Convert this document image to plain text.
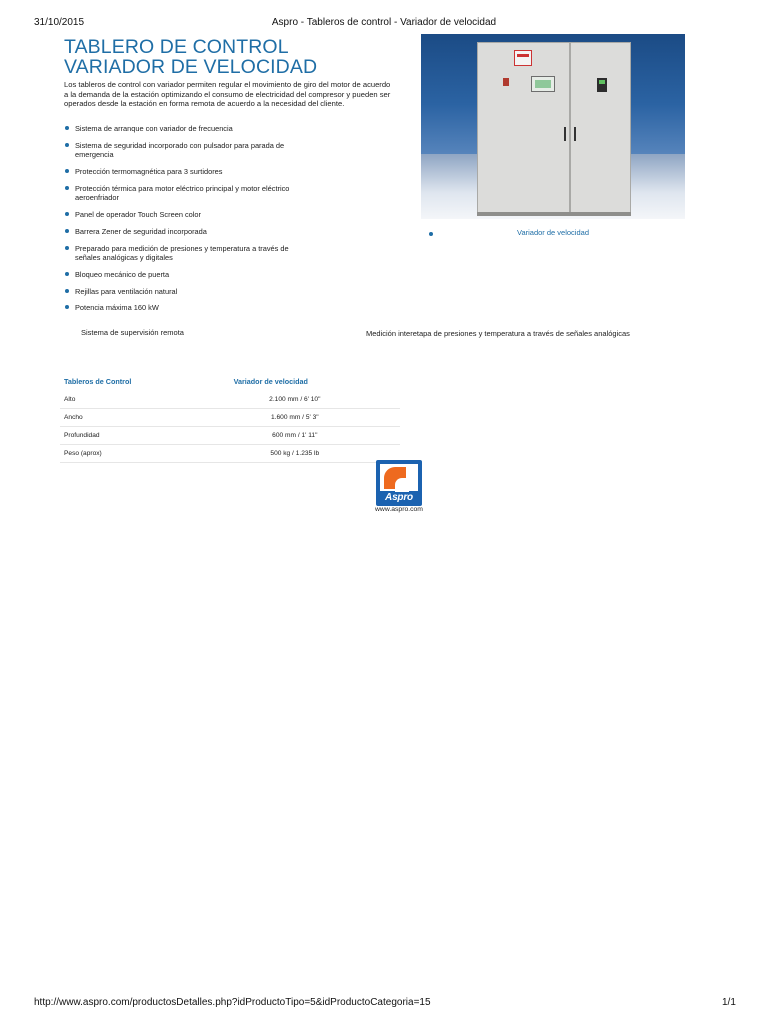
Aspro - Tableros de control - Variador de velocidad
31/10/2015
TABLERO DE CONTROL
VARIADOR DE VELOCIDAD
Los tableros de control con variador permiten regular el movimiento de giro del motor de acuerdo a la demanda de la estación optimizando el consumo de electricidad del compresor y pueden ser operados desde la estación en forma remota de acuerdo a la necesidad del cliente.
Sistema de arranque con variador de frecuencia
Sistema de seguridad incorporado con pulsador para parada de emergencia
Protección termomagnética para 3 surtidores
Protección térmica para motor eléctrico principal y motor eléctrico aeroenfriador
Panel de operador Touch Screen color
Barrera Zener de seguridad incorporada
Preparado para medición de presiones y temperatura a través de señales analógicas y digitales
Bloqueo mecánico de puerta
Rejillas para ventilación natural
Potencia máxima 160 kW
Variador de velocidad
Sistema de supervisión remota	Medición interetapa de presiones y temperatura a través de señales analógicas
Tableros de Control	Variador de velocidad
Alto	2.100 mm / 6' 10"
Ancho	1.600 mm / 5' 3"
Profundidad	600 mm / 1' 11"
Peso (aprox)	500 kg / 1.235 lb
Aspro
www.aspro.com
http://www.aspro.com/productosDetalles.php?idProductoTipo=5&idProductoCategoria=15	1/1
